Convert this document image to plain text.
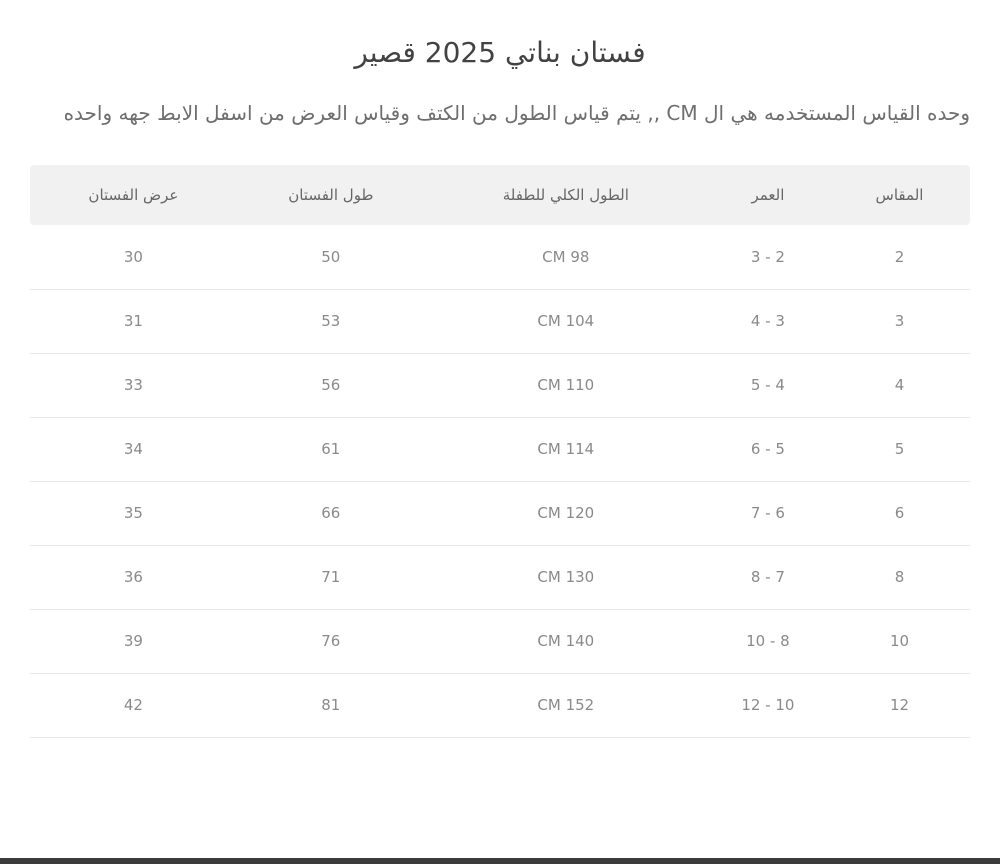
فستان بناتي 2025 قصير

وحده القياس المستخدمه هي ال CM ,, يتم قياس الطول من الكتف وقياس العرض من اسفل الابط جهه واحده

المقاس	العمر	الطول الكلي للطفلة	طول الفستان	عرض الفستان
2	2 - 3	98 CM	50	30
3	3 - 4	104 CM	53	31
4	4 - 5	110 CM	56	33
5	5 - 6	114 CM	61	34
6	6 - 7	120 CM	66	35
8	7 - 8	130 CM	71	36
10	8 - 10	140 CM	76	39
12	10 - 12	152 CM	81	42
